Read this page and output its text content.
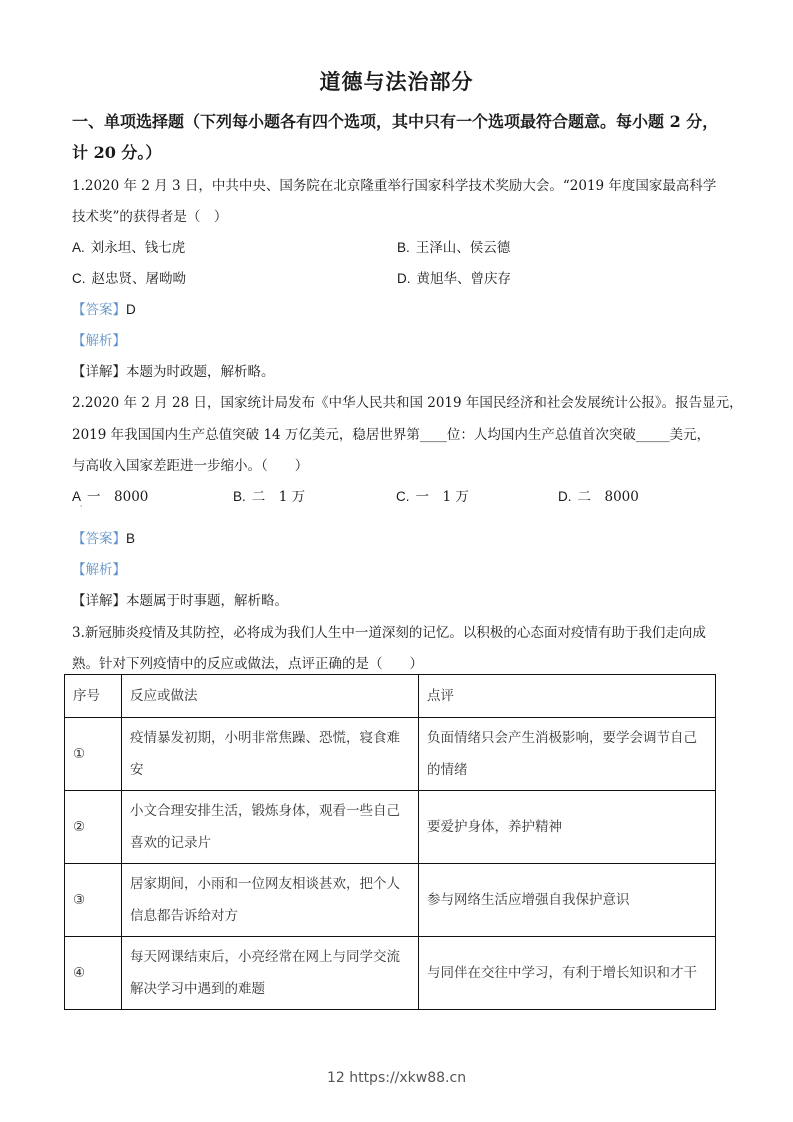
道德与法治部分
一、单项选择题（下列每小题各有四个选项，其中只有一个选项最符合题意。每小题 2 分，
计 20 分。）
1.2020 年 2 月 3 日，中共中央、国务院在北京隆重举行国家科学技术奖励大会。“2019 年度国家最高科学
技术奖”的获得者是（　）
A. 刘永坦、钱七虎	B. 王泽山、侯云德
C. 赵忠贤、屠呦呦	D. 黄旭华、曾庆存
【答案】D
【解析】
【详解】本题为时政题，解析略。
2.2020 年 2 月 28 日，国家统计局发布《中华人民共和国 2019 年国民经济和社会发展统计公报》。报告显元，
2019 年我国国内生产总值突破 14 万亿美元，稳居世界第____位：人均国内生产总值首次突破_____美元，
与高收入国家差距进一步缩小。（　　）
A 一　8000	B. 二　1 万	C. 一　1 万	D. 二　8000
'
【答案】B
【解析】
【详解】本题属于时事题，解析略。
3.新冠肺炎疫情及其防控，必将成为我们人生中一道深刻的记忆。以积极的心态面对疫情有助于我们走向成
熟。针对下列疫情中的反应或做法，点评正确的是（　　）
序号	反应或做法	点评
①	疫情暴发初期，小明非常焦躁、恐慌，寝食难安	负面情绪只会产生消极影响，要学会调节自己的情绪
②	小文合理安排生活，锻炼身体，观看一些自己喜欢的记录片	要爱护身体，养护精神
③	居家期间，小雨和一位网友相谈甚欢，把个人信息都告诉给对方	参与网络生活应增强自我保护意识
④	每天网课结束后，小亮经常在网上与同学交流解决学习中遇到的难题	与同伴在交往中学习，有利于增长知识和才干
12 https://xkw88.cn
